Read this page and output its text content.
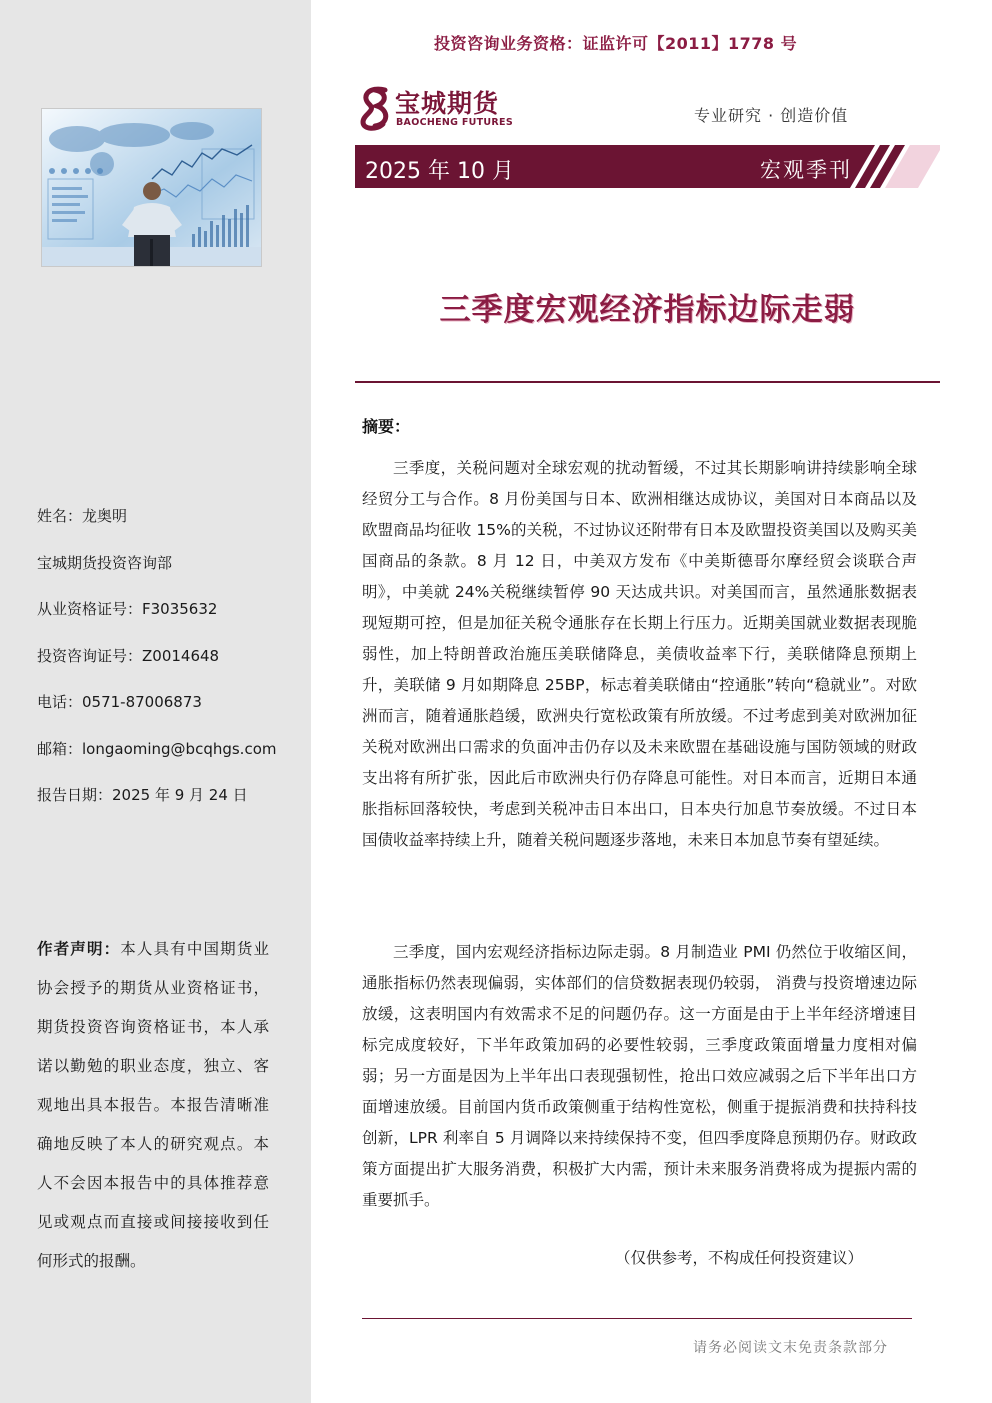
姓名：龙奥明
宝城期货投资咨询部
从业资格证号：F3035632
投资咨询证号：Z0014648
电话：0571-87006873
邮箱：longaoming@bcqhgs.com
报告日期：2025 年 9 月 24 日
作者声明：本人具有中国期货业协会授予的期货从业资格证书，期货投资咨询资格证书，本人承诺以勤勉的职业态度，独立、客观地出具本报告。本报告清晰准确地反映了本人的研究观点。本人不会因本报告中的具体推荐意见或观点而直接或间接接收到任何形式的报酬。
投资咨询业务资格：证监许可【2011】1778 号
宝城期货
BAOCHENG FUTURES	专业研究 · 创造价值
2025 年 10 月	宏观季刊
三季度宏观经济指标边际走弱
摘要：

三季度，关税问题对全球宏观的扰动暂缓，不过其长期影响讲持续影响全球经贸分工与合作。8 月份美国与日本、欧洲相继达成协议，美国对日本商品以及欧盟商品均征收 15%的关税，不过协议还附带有日本及欧盟投资美国以及购买美国商品的条款。8 月 12 日，中美双方发布《中美斯德哥尔摩经贸会谈联合声明》，中美就 24%关税继续暂停 90 天达成共识。对美国而言，虽然通胀数据表现短期可控，但是加征关税令通胀存在长期上行压力。近期美国就业数据表现脆弱性，加上特朗普政治施压美联储降息，美债收益率下行，美联储降息预期上升，美联储 9 月如期降息 25BP，标志着美联储由“控通胀”转向“稳就业”。对欧洲而言，随着通胀趋缓，欧洲央行宽松政策有所放缓。不过考虑到美对欧洲加征关税对欧洲出口需求的负面冲击仍存以及未来欧盟在基础设施与国防领域的财政支出将有所扩张，因此后市欧洲央行仍存降息可能性。对日本而言，近期日本通胀指标回落较快，考虑到关税冲击日本出口，日本央行加息节奏放缓。不过日本国债收益率持续上升，随着关税问题逐步落地，未来日本加息节奏有望延续。

三季度，国内宏观经济指标边际走弱。8 月制造业 PMI 仍然位于收缩区间，通胀指标仍然表现偏弱，实体部们的信贷数据表现仍较弱， 消费与投资增速边际放缓，这表明国内有效需求不足的问题仍存。这一方面是由于上半年经济增速目标完成度较好，下半年政策加码的必要性较弱，三季度政策面增量力度相对偏弱；另一方面是因为上半年出口表现强韧性，抢出口效应减弱之后下半年出口方面增速放缓。目前国内货币政策侧重于结构性宽松，侧重于提振消费和扶持科技创新，LPR 利率自 5 月调降以来持续保持不变，但四季度降息预期仍存。财政政策方面提出扩大服务消费，积极扩大内需，预计未来服务消费将成为提振内需的重要抓手。

（仅供参考，不构成任何投资建议）
请务必阅读文末免责条款部分
